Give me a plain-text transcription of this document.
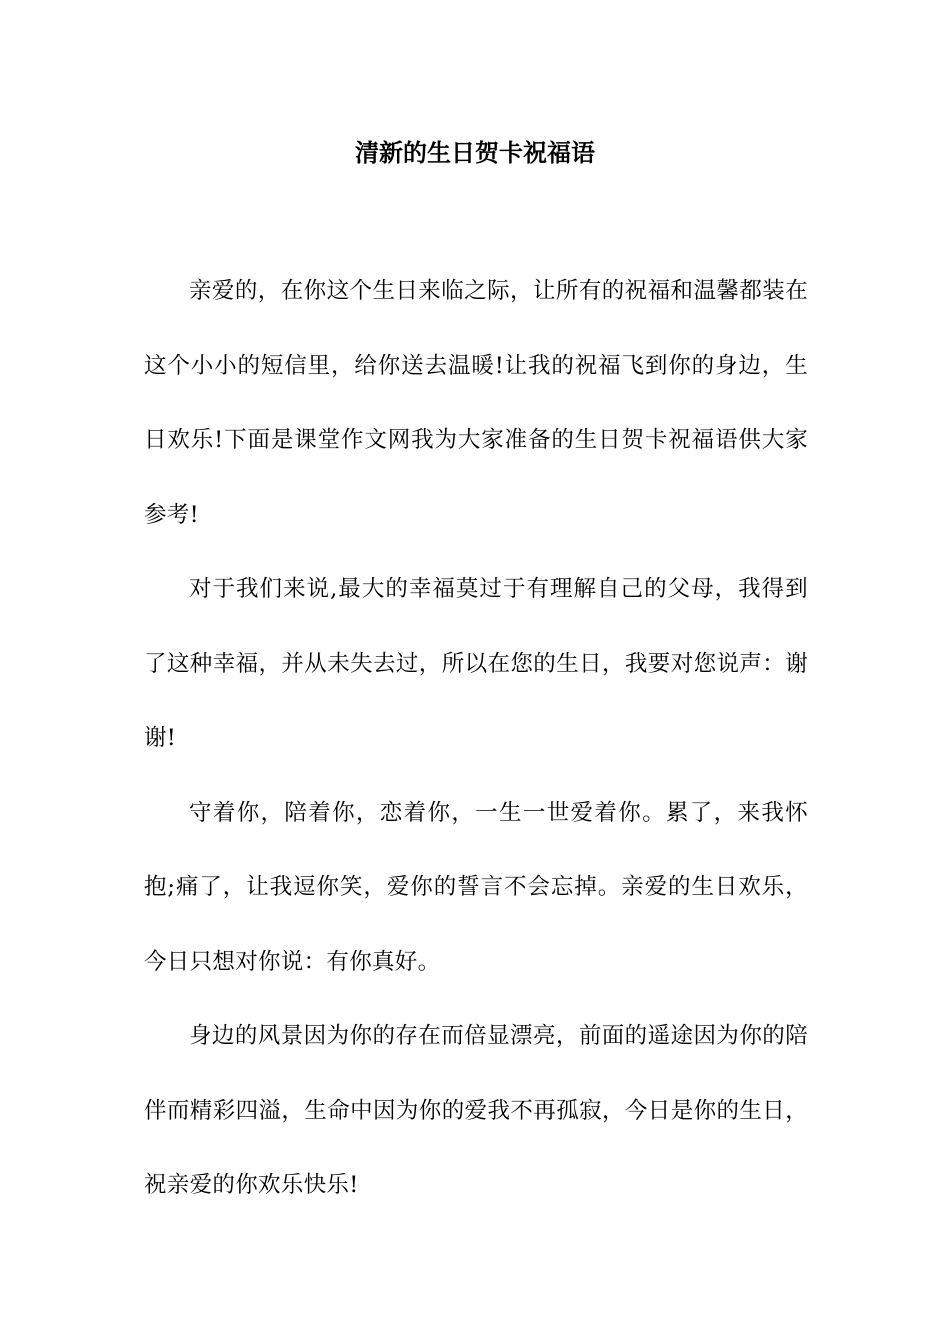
清新的生日贺卡祝福语

亲爱的，在你这个生日来临之际，让所有的祝福和温馨都装在这个小小的短信里，给你送去温暖!让我的祝福飞到你的身边，生日欢乐!下面是课堂作文网我为大家准备的生日贺卡祝福语供大家参考!

对于我们来说,最大的幸福莫过于有理解自己的父母，我得到了这种幸福，并从未失去过，所以在您的生日，我要对您说声：谢谢!

守着你，陪着你，恋着你，一生一世爱着你。累了，来我怀抱;痛了，让我逗你笑，爱你的誓言不会忘掉。亲爱的生日欢乐，今日只想对你说：有你真好。

身边的风景因为你的存在而倍显漂亮，前面的遥途因为你的陪伴而精彩四溢，生命中因为你的爱我不再孤寂，今日是你的生日，祝亲爱的你欢乐快乐!
